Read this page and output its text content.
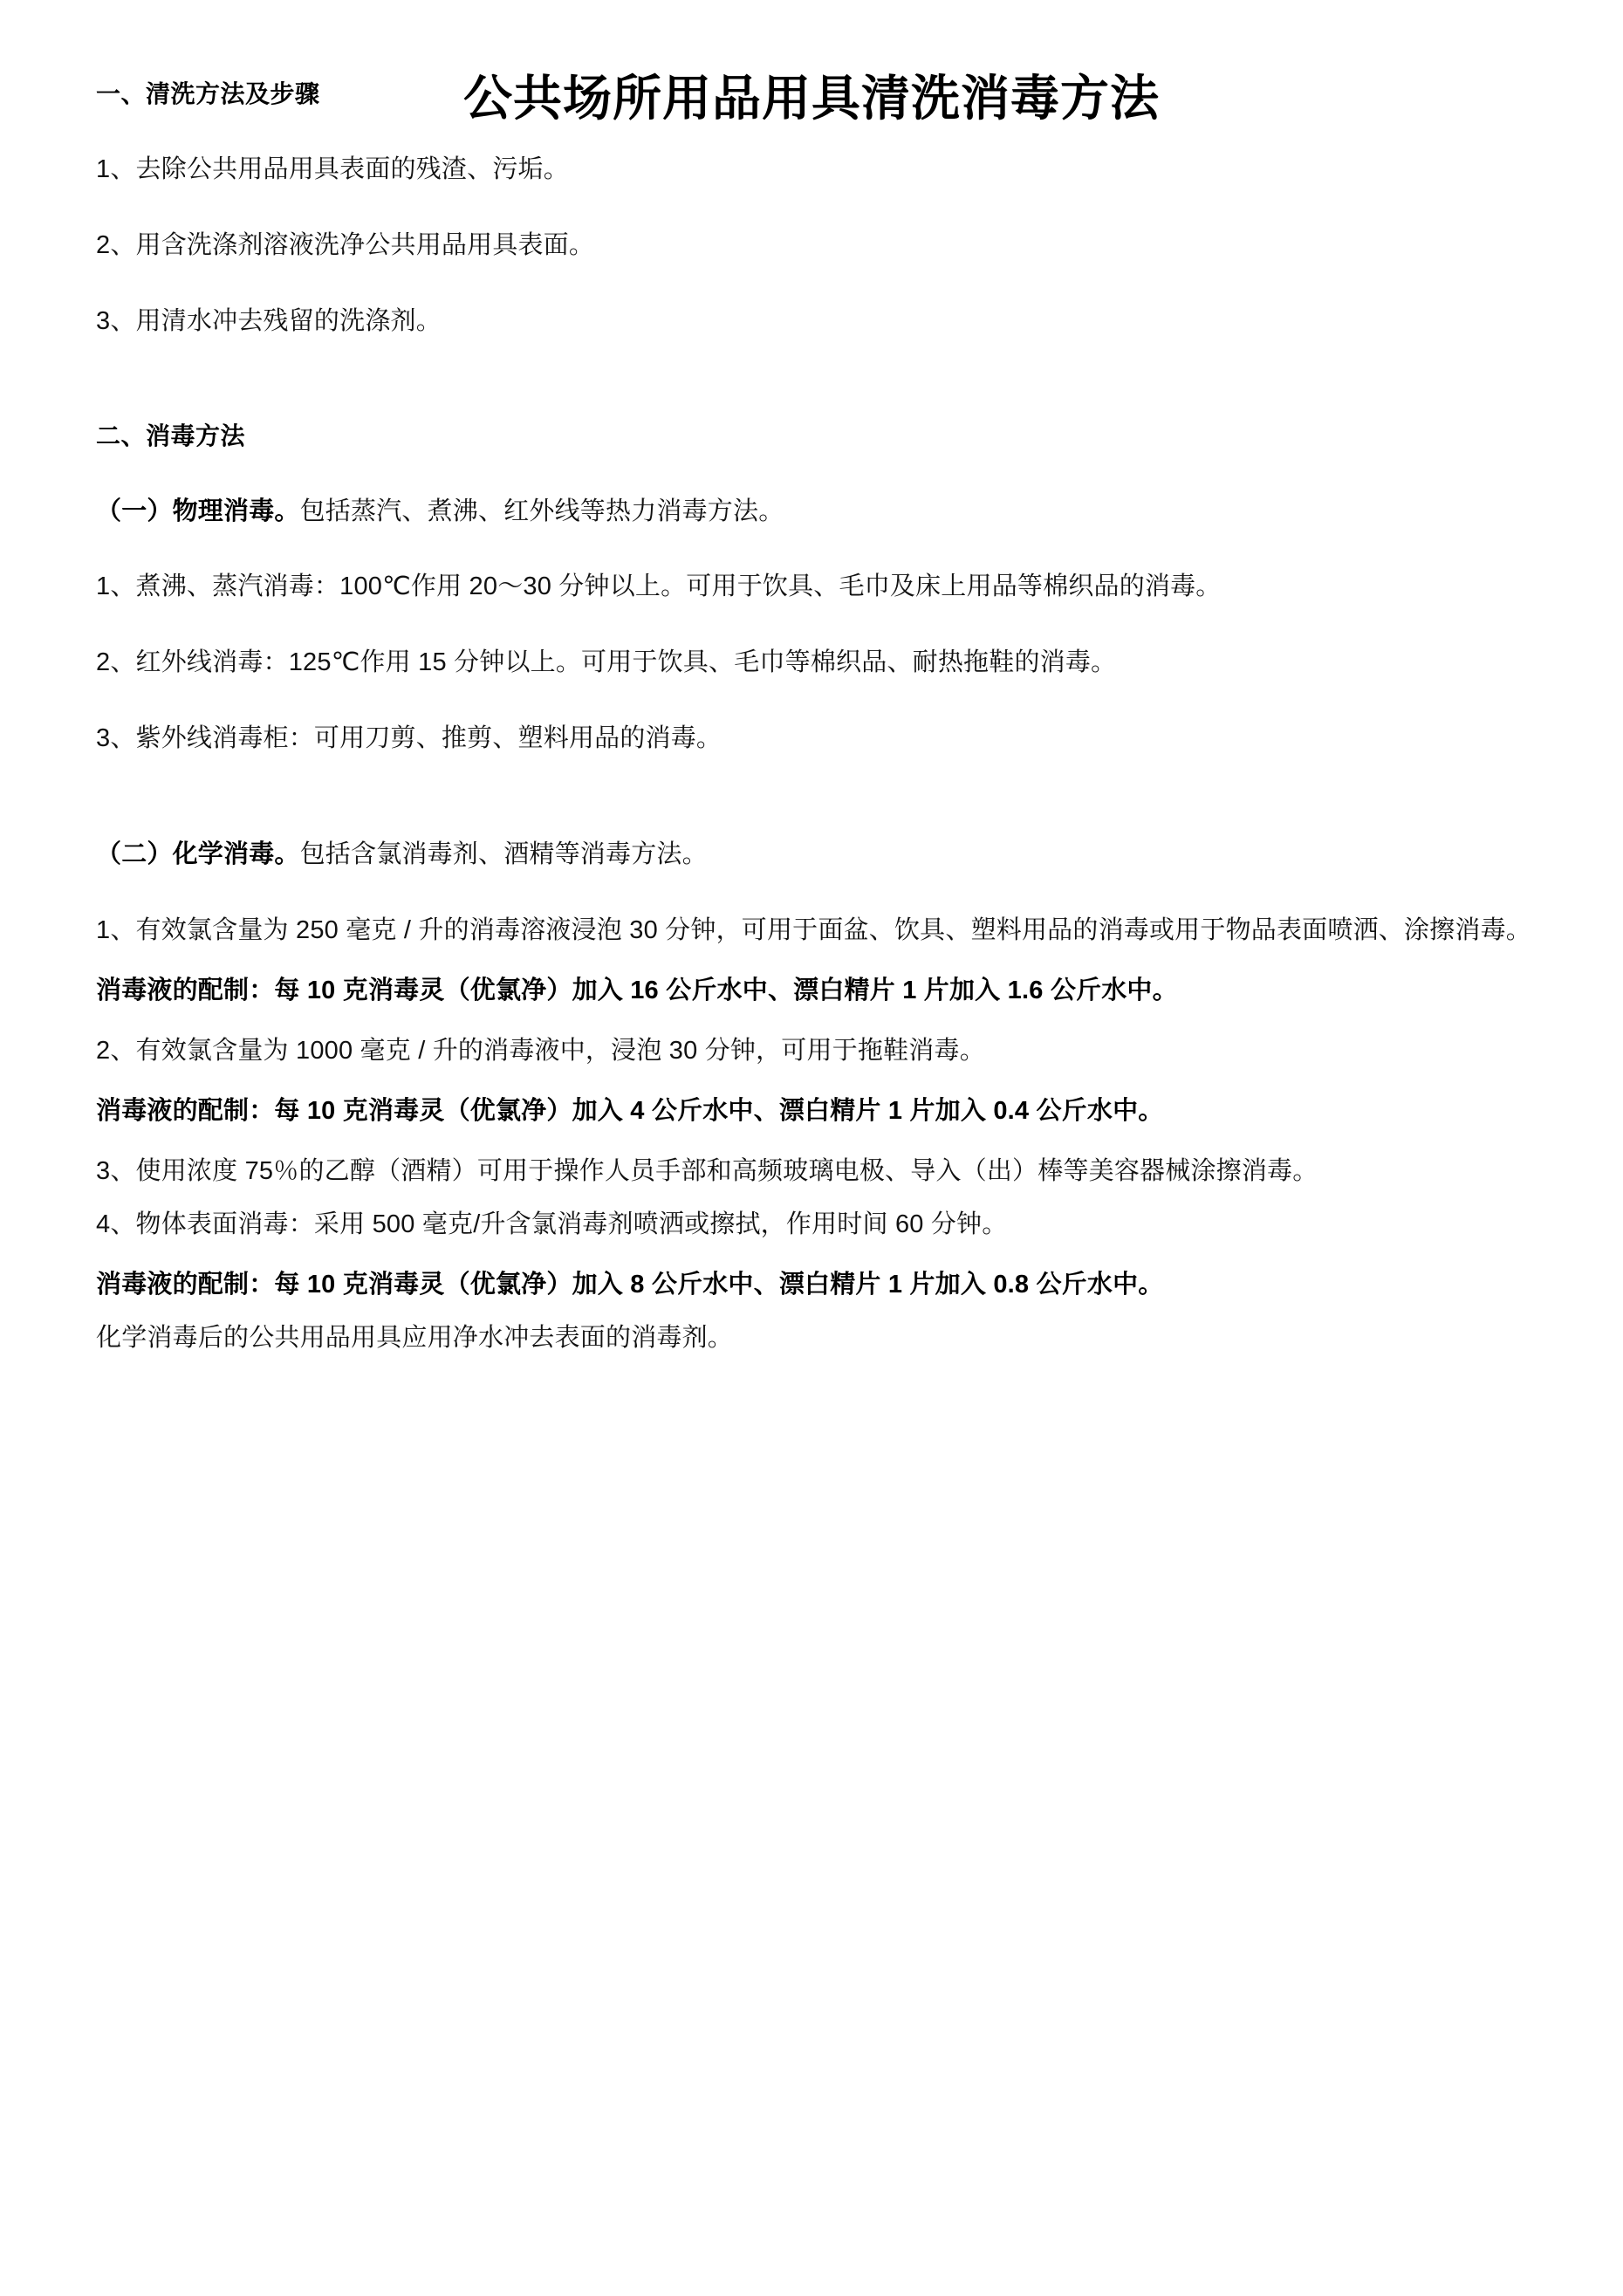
公共场所用品用具清洗消毒方法

一、清洗方法及步骤

1、去除公共用品用具表面的残渣、污垢。

2、用含洗涤剂溶液洗净公共用品用具表面。

3、用清水冲去残留的洗涤剂。

二、消毒方法

（一）物理消毒。包括蒸汽、煮沸、红外线等热力消毒方法。

1、煮沸、蒸汽消毒：100℃作用 20～30 分钟以上。可用于饮具、毛巾及床上用品等棉织品的消毒。

2、红外线消毒：125℃作用 15 分钟以上。可用于饮具、毛巾等棉织品、耐热拖鞋的消毒。

3、紫外线消毒柜：可用刀剪、推剪、塑料用品的消毒。

（二）化学消毒。包括含氯消毒剂、酒精等消毒方法。

1、有效氯含量为 250 毫克 / 升的消毒溶液浸泡 30 分钟，可用于面盆、饮具、塑料用品的消毒或用于物品表面喷洒、涂擦消毒。

消毒液的配制：每 10 克消毒灵（优氯净）加入 16 公斤水中、漂白精片 1 片加入 1.6 公斤水中。

2、有效氯含量为 1000 毫克 / 升的消毒液中，浸泡 30 分钟，可用于拖鞋消毒。

消毒液的配制：每 10 克消毒灵（优氯净）加入 4 公斤水中、漂白精片 1 片加入 0.4 公斤水中。

3、使用浓度 75％的乙醇（酒精）可用于操作人员手部和高频玻璃电极、导入（出）棒等美容器械涂擦消毒。

4、物体表面消毒：采用 500 毫克/升含氯消毒剂喷洒或擦拭，作用时间 60 分钟。

消毒液的配制：每 10 克消毒灵（优氯净）加入 8 公斤水中、漂白精片 1 片加入 0.8 公斤水中。

化学消毒后的公共用品用具应用净水冲去表面的消毒剂。
